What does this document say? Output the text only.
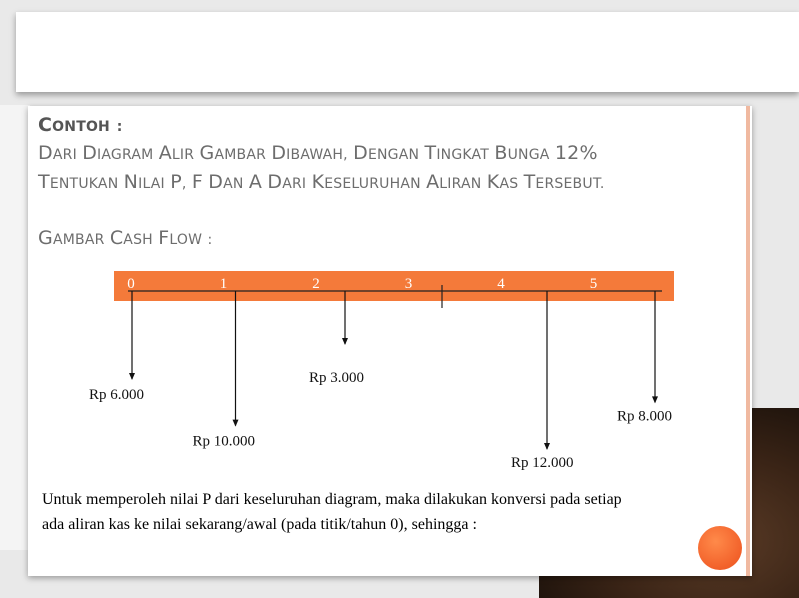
CONTOH :
DARI DIAGRAM ALIR GAMBAR DIBAWAH, DENGAN TINGKAT BUNGA 12%
TENTUKAN NILAI P, F DAN A DARI KESELURUHAN ALIRAN KAS TERSEBUT.
GAMBAR CASH FLOW :
0	1	2	3	4	5
Rp 6.000
Rp 10.000
Rp 3.000
Rp 12.000
Rp 8.000
Untuk memperoleh nilai P dari keseluruhan diagram, maka dilakukan konversi pada setiap
ada aliran kas ke nilai sekarang/awal (pada titik/tahun 0), sehingga :
